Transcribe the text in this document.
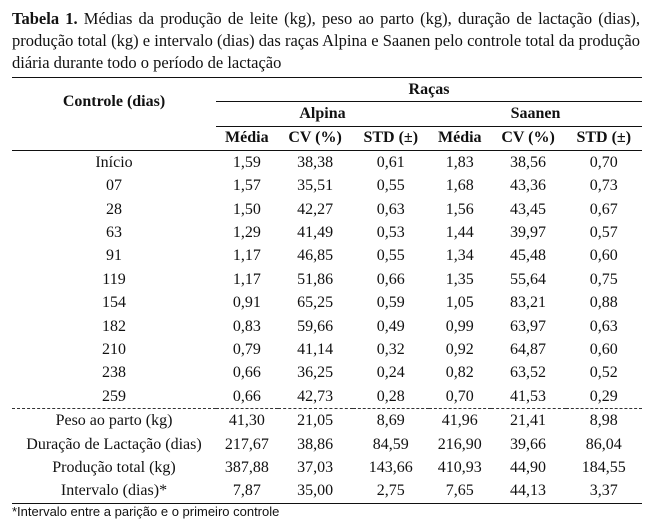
Tabela 1. Médias da produção de leite (kg), peso ao parto (kg), duração de lactação (dias), produção total (kg) e intervalo (dias) das raças Alpina e Saanen pelo controle total da produção diária durante todo o período de lactação
Controle (dias)	Raças					
	Alpina			Saanen		
	Média	CV (%)	STD (±)	Média	CV (%)	STD (±)
Início	1,59	38,38	0,61	1,83	38,56	0,70
07	1,57	35,51	0,55	1,68	43,36	0,73
28	1,50	42,27	0,63	1,56	43,45	0,67
63	1,29	41,49	0,53	1,44	39,97	0,57
91	1,17	46,85	0,55	1,34	45,48	0,60
119	1,17	51,86	0,66	1,35	55,64	0,75
154	0,91	65,25	0,59	1,05	83,21	0,88
182	0,83	59,66	0,49	0,99	63,97	0,63
210	0,79	41,14	0,32	0,92	64,87	0,60
238	0,66	36,25	0,24	0,82	63,52	0,52
259	0,66	42,73	0,28	0,70	41,53	0,29
Peso ao parto (kg)	41,30	21,05	8,69	41,96	21,41	8,98
Duração de Lactação (dias)	217,67	38,86	84,59	216,90	39,66	86,04
Produção total (kg)	387,88	37,03	143,66	410,93	44,90	184,55
Intervalo (dias)*	7,87	35,00	2,75	7,65	44,13	3,37
*Intervalo entre a parição e o primeiro controle
